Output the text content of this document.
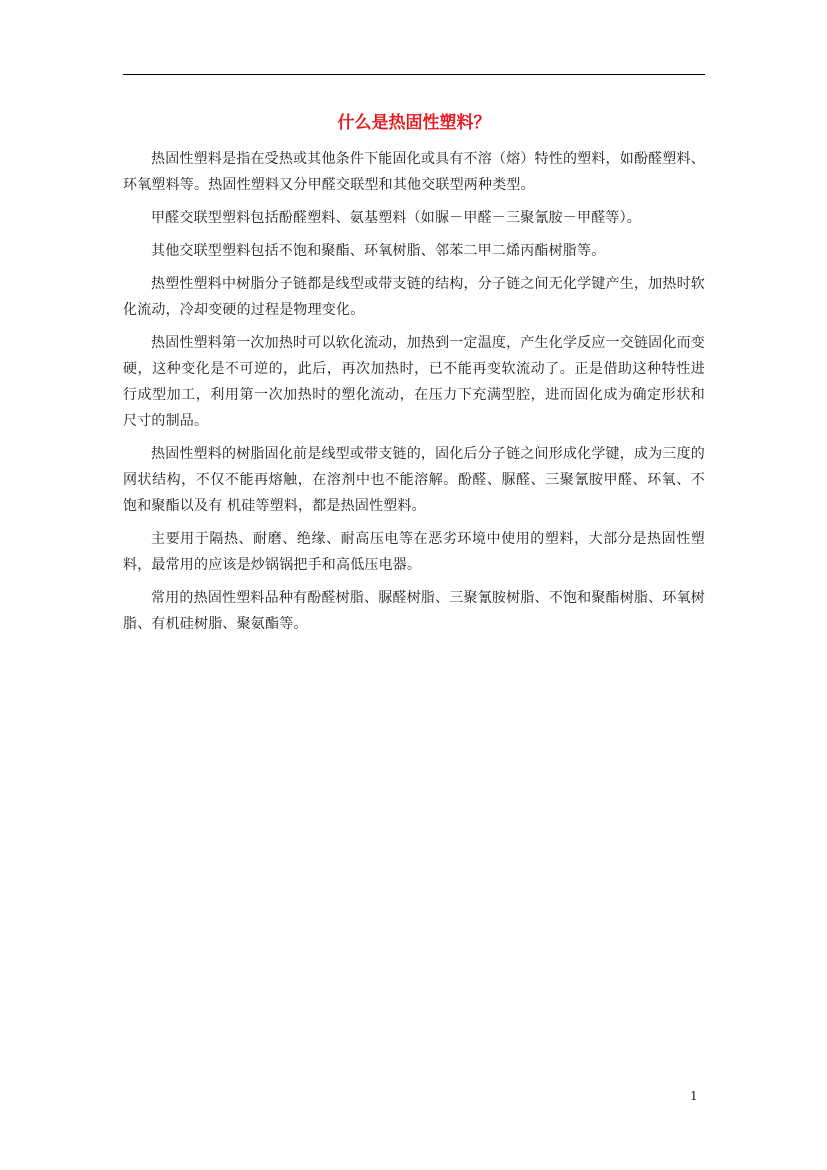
什么是热固性塑料？

热固性塑料是指在受热或其他条件下能固化或具有不溶（熔）特性的塑料，如酚醛塑料、环氧塑料等。热固性塑料又分甲醛交联型和其他交联型两种类型。

甲醛交联型塑料包括酚醛塑料、氨基塑料（如脲－甲醛－三聚氰胺－甲醛等）。

其他交联型塑料包括不饱和聚酯、环氧树脂、邻苯二甲二烯丙酯树脂等。

热塑性塑料中树脂分子链都是线型或带支链的结构，分子链之间无化学键产生，加热时软化流动，冷却变硬的过程是物理变化。

热固性塑料第一次加热时可以软化流动，加热到一定温度，产生化学反应一交链固化而变硬，这种变化是不可逆的，此后，再次加热时，已不能再变软流动了。正是借助这种特性进行成型加工，利用第一次加热时的塑化流动，在压力下充满型腔，进而固化成为确定形状和尺寸的制品。

热固性塑料的树脂固化前是线型或带支链的，固化后分子链之间形成化学键，成为三度的网状结构，不仅不能再熔触，在溶剂中也不能溶解。酚醛、脲醛、三聚氰胺甲醛、环氧、不饱和聚酯以及有 机硅等塑料，都是热固性塑料。

主要用于隔热、耐磨、绝缘、耐高压电等在恶劣环境中使用的塑料，大部分是热固性塑料，最常用的应该是炒锅锅把手和高低压电器。

常用的热固性塑料品种有酚醛树脂、脲醛树脂、三聚氰胺树脂、不饱和聚酯树脂、环氧树脂、有机硅树脂、聚氨酯等。

1
